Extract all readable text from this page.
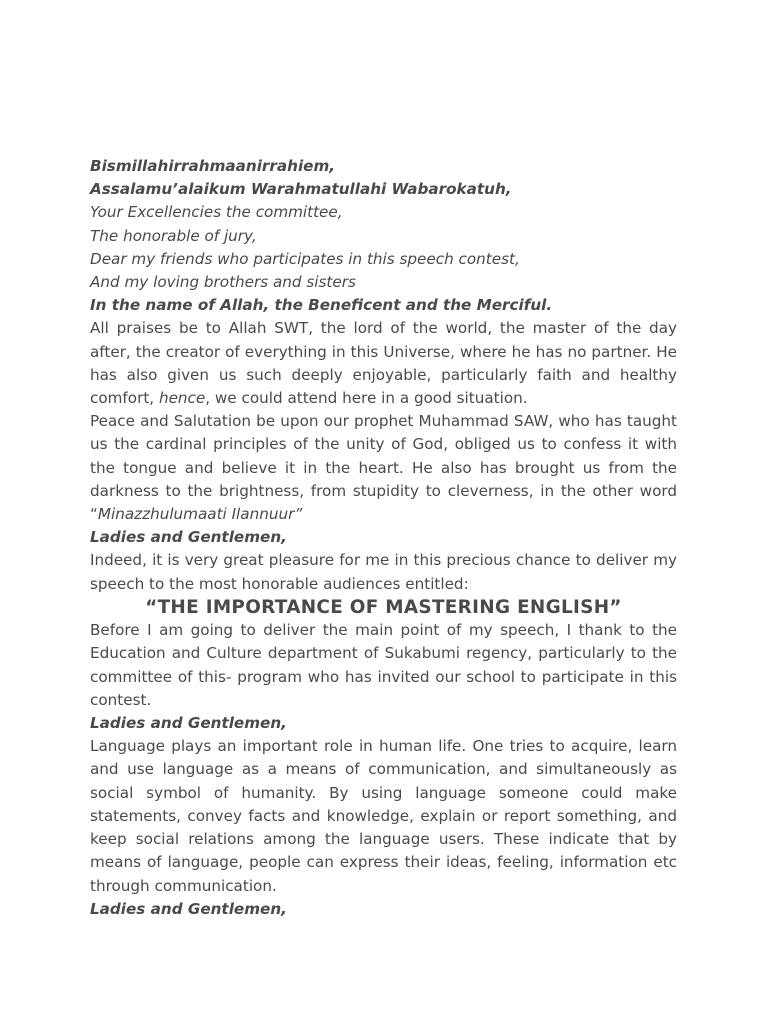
Bismillahirrahmaanirrahiem,
Assalamu’alaikum Warahmatullahi Wabarokatuh,
Your Excellencies the committee,
The honorable of jury,
Dear my friends who participates in this speech contest,
And my loving brothers and sisters
In the name of Allah, the Beneficent and the Merciful.
All praises be to Allah SWT, the lord of the world, the master of the day after, the creator of everything in this Universe, where he has no partner. He has also given us such deeply enjoyable, particularly faith and healthy comfort, hence, we could attend here in a good situation.
Peace and Salutation be upon our prophet Muhammad SAW, who has taught us the cardinal principles of the unity of God, obliged us to confess it with the tongue and believe it in the heart. He also has brought us from the darkness to the brightness, from stupidity to cleverness, in the other word “Minazzhulumaati Ilannuur”
Ladies and Gentlemen,
Indeed, it is very great pleasure for me in this precious chance to deliver my speech to the most honorable audiences entitled:
“THE IMPORTANCE OF MASTERING ENGLISH”
Before I am going to deliver the main point of my speech, I thank to the Education and Culture department of Sukabumi regency, particularly to the committee of this- program who has invited our school to participate in this contest.
Ladies and Gentlemen,
Language plays an important role in human life. One tries to acquire, learn and use language as a means of communication, and simultaneously as social symbol of humanity. By using language someone could make statements, convey facts and knowledge, explain or report something, and keep social relations among the language users. These indicate that by means of language, people can express their ideas, feeling, information etc through communication.
Ladies and Gentlemen,
